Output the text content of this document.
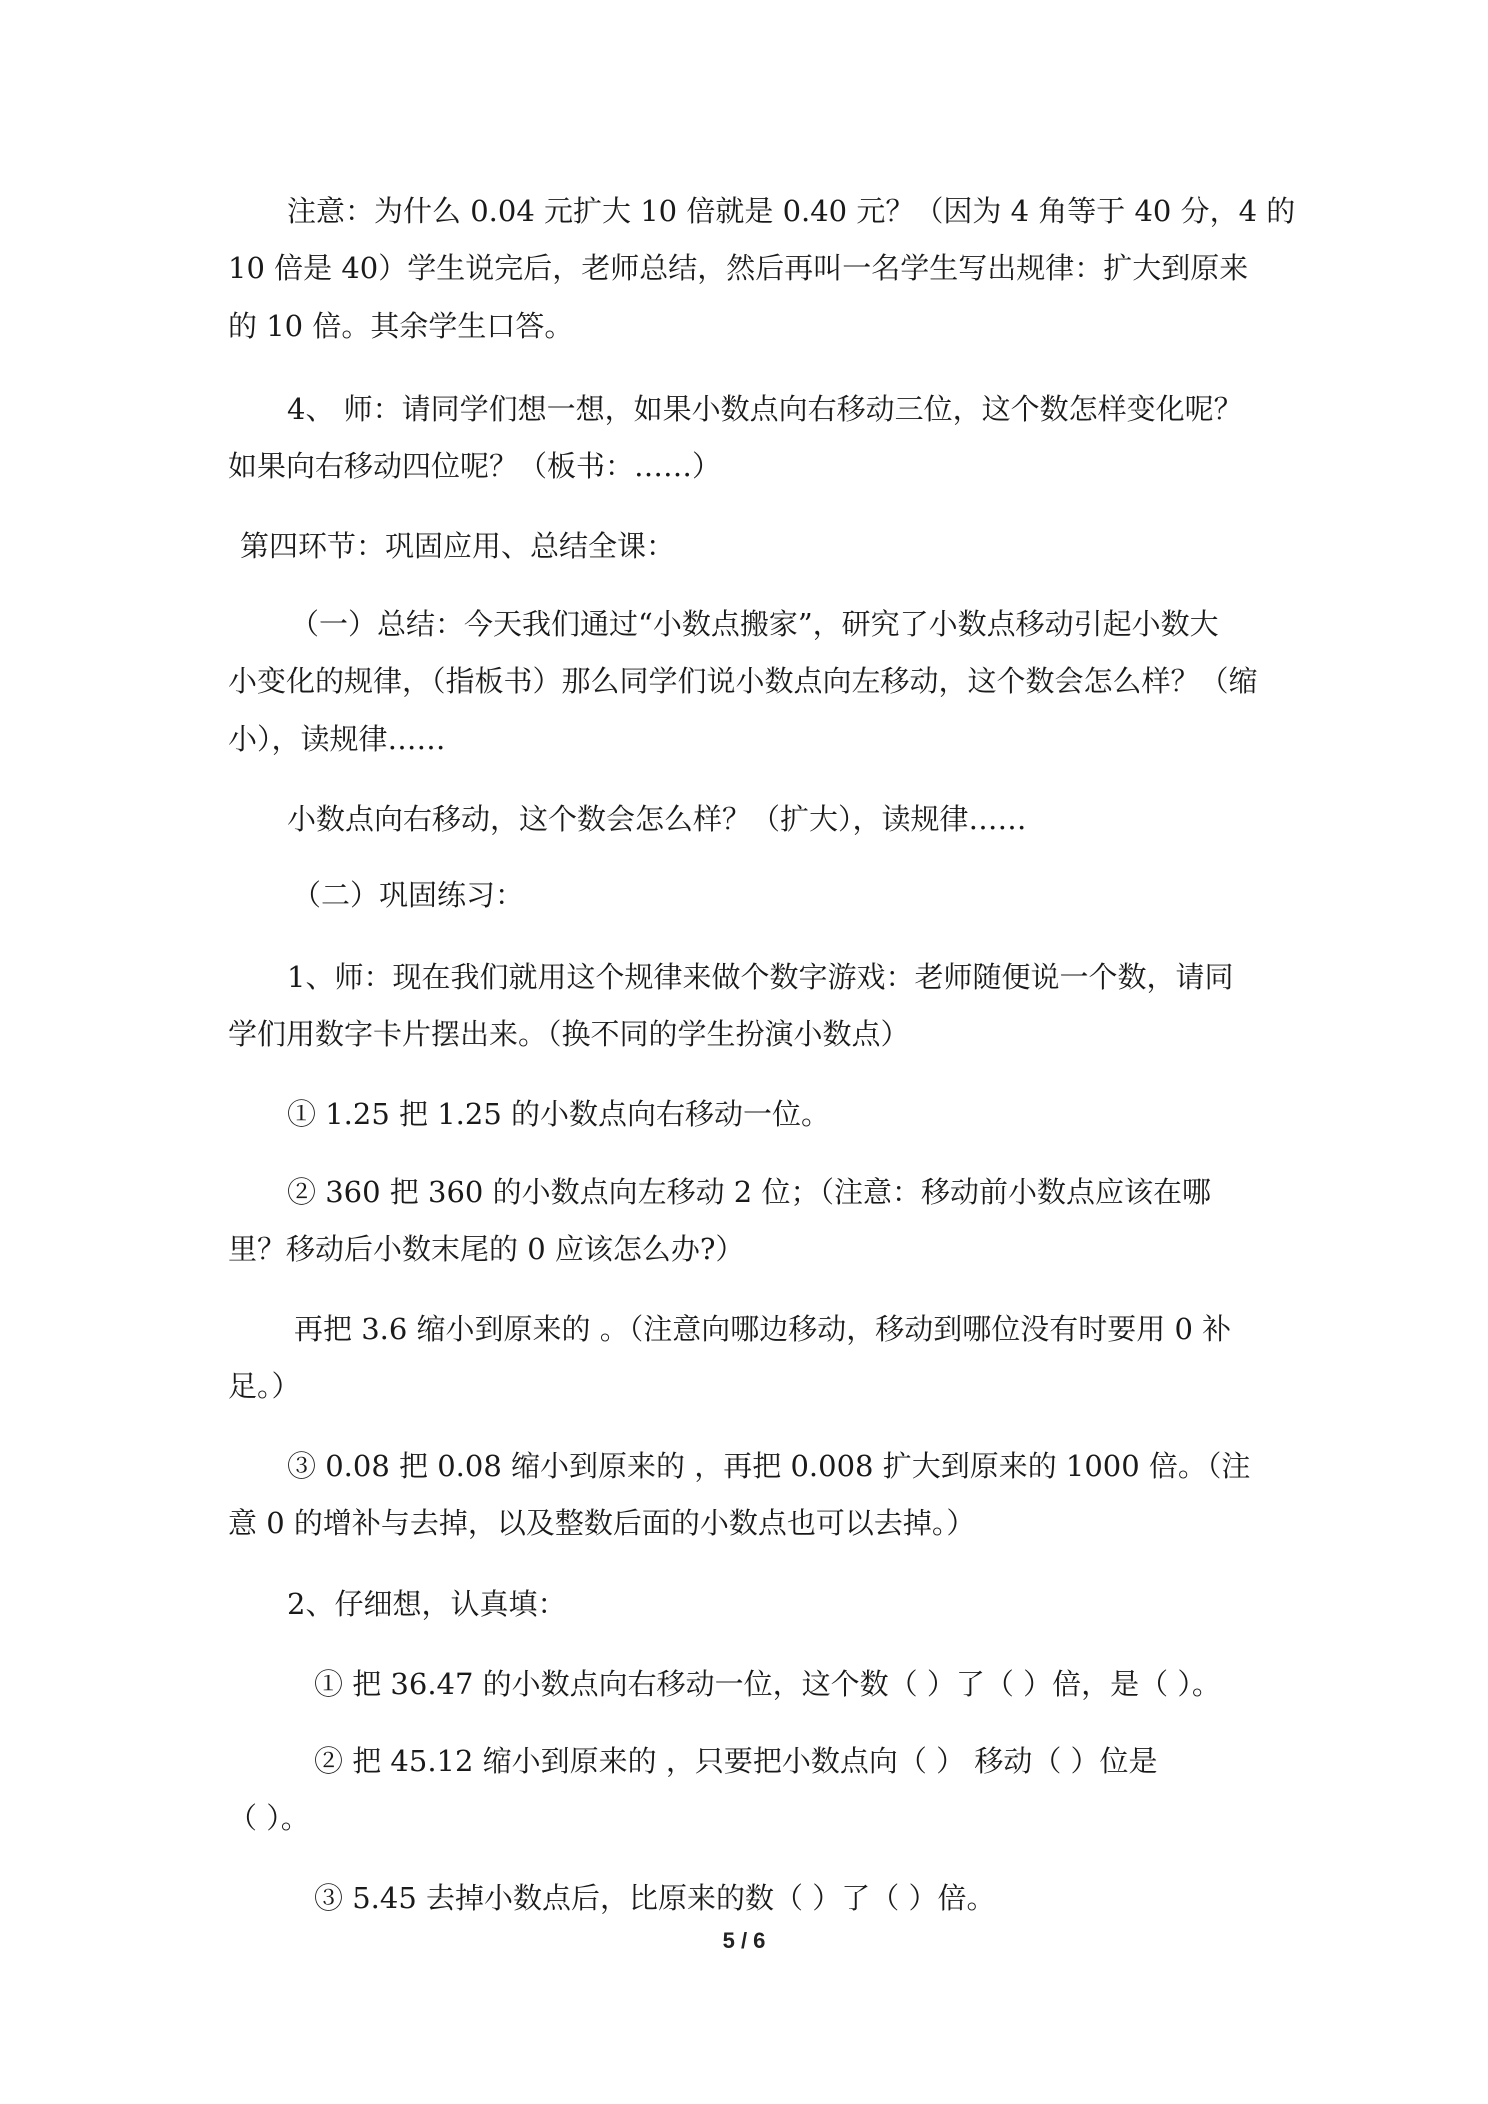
注意：为什么 0.04 元扩大 10 倍就是 0.40 元？（因为 4 角等于 40 分，4 的

10 倍是 40）学生说完后，老师总结，然后再叫一名学生写出规律：扩大到原来

的 10 倍。其余学生口答。

4、 师：请同学们想一想，如果小数点向右移动三位，这个数怎样变化呢？

如果向右移动四位呢？（板书：……）

第四环节：巩固应用、总结全课：

（一）总结：今天我们通过“小数点搬家”，研究了小数点移动引起小数大

小变化的规律，（指板书）那么同学们说小数点向左移动，这个数会怎么样？（缩

小），读规律……

小数点向右移动，这个数会怎么样？（扩大），读规律……

（二）巩固练习：

1、师：现在我们就用这个规律来做个数字游戏：老师随便说一个数，请同

学们用数字卡片摆出来。（换不同的学生扮演小数点）

① 1.25 把 1.25 的小数点向右移动一位。

② 360 把 360 的小数点向左移动 2 位；（注意：移动前小数点应该在哪

里？移动后小数末尾的 0 应该怎么办?）

再把 3.6 缩小到原来的 。（注意向哪边移动，移动到哪位没有时要用 0 补

足。）

③ 0.08 把 0.08 缩小到原来的 ，再把 0.008 扩大到原来的 1000 倍。（注

意 0 的增补与去掉，以及整数后面的小数点也可以去掉。）

2、仔细想，认真填：

① 把 36.47 的小数点向右移动一位，这个数（ ）了（ ）倍，是（ ）。

② 把 45.12 缩小到原来的 ，只要把小数点向（ ） 移动（ ）位是

（ ）。

③ 5.45 去掉小数点后，比原来的数（ ）了（ ）倍。

5 / 6
